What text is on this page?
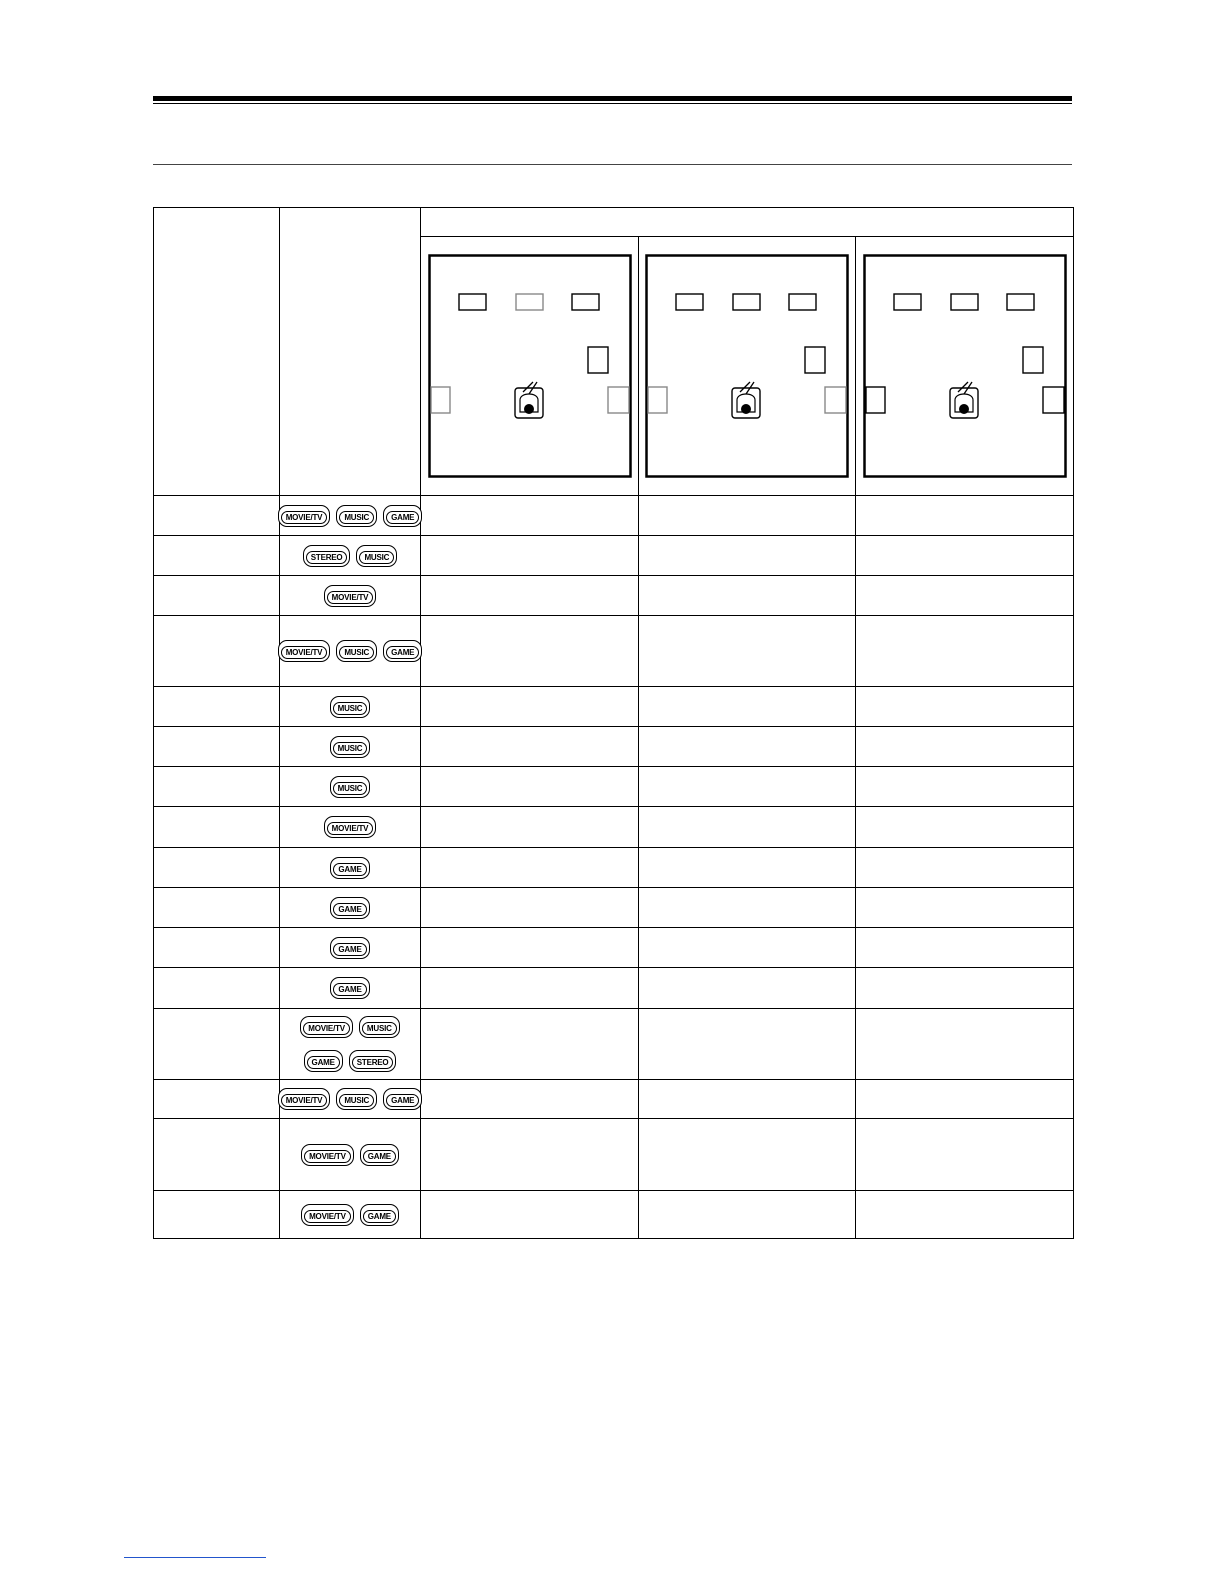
	MOVIE/TV MUSIC GAME			

	STEREO MUSIC			

	MOVIE/TV			

	MOVIE/TV MUSIC GAME			

	MUSIC			

	MUSIC			

	MUSIC			

	MOVIE/TV			

	GAME			

	GAME			

	GAME			

	GAME			

	MOVIE/TV MUSIC
GAME STEREO			

	MOVIE/TV MUSIC GAME			

	MOVIE/TV GAME			

	MOVIE/TV GAME			
